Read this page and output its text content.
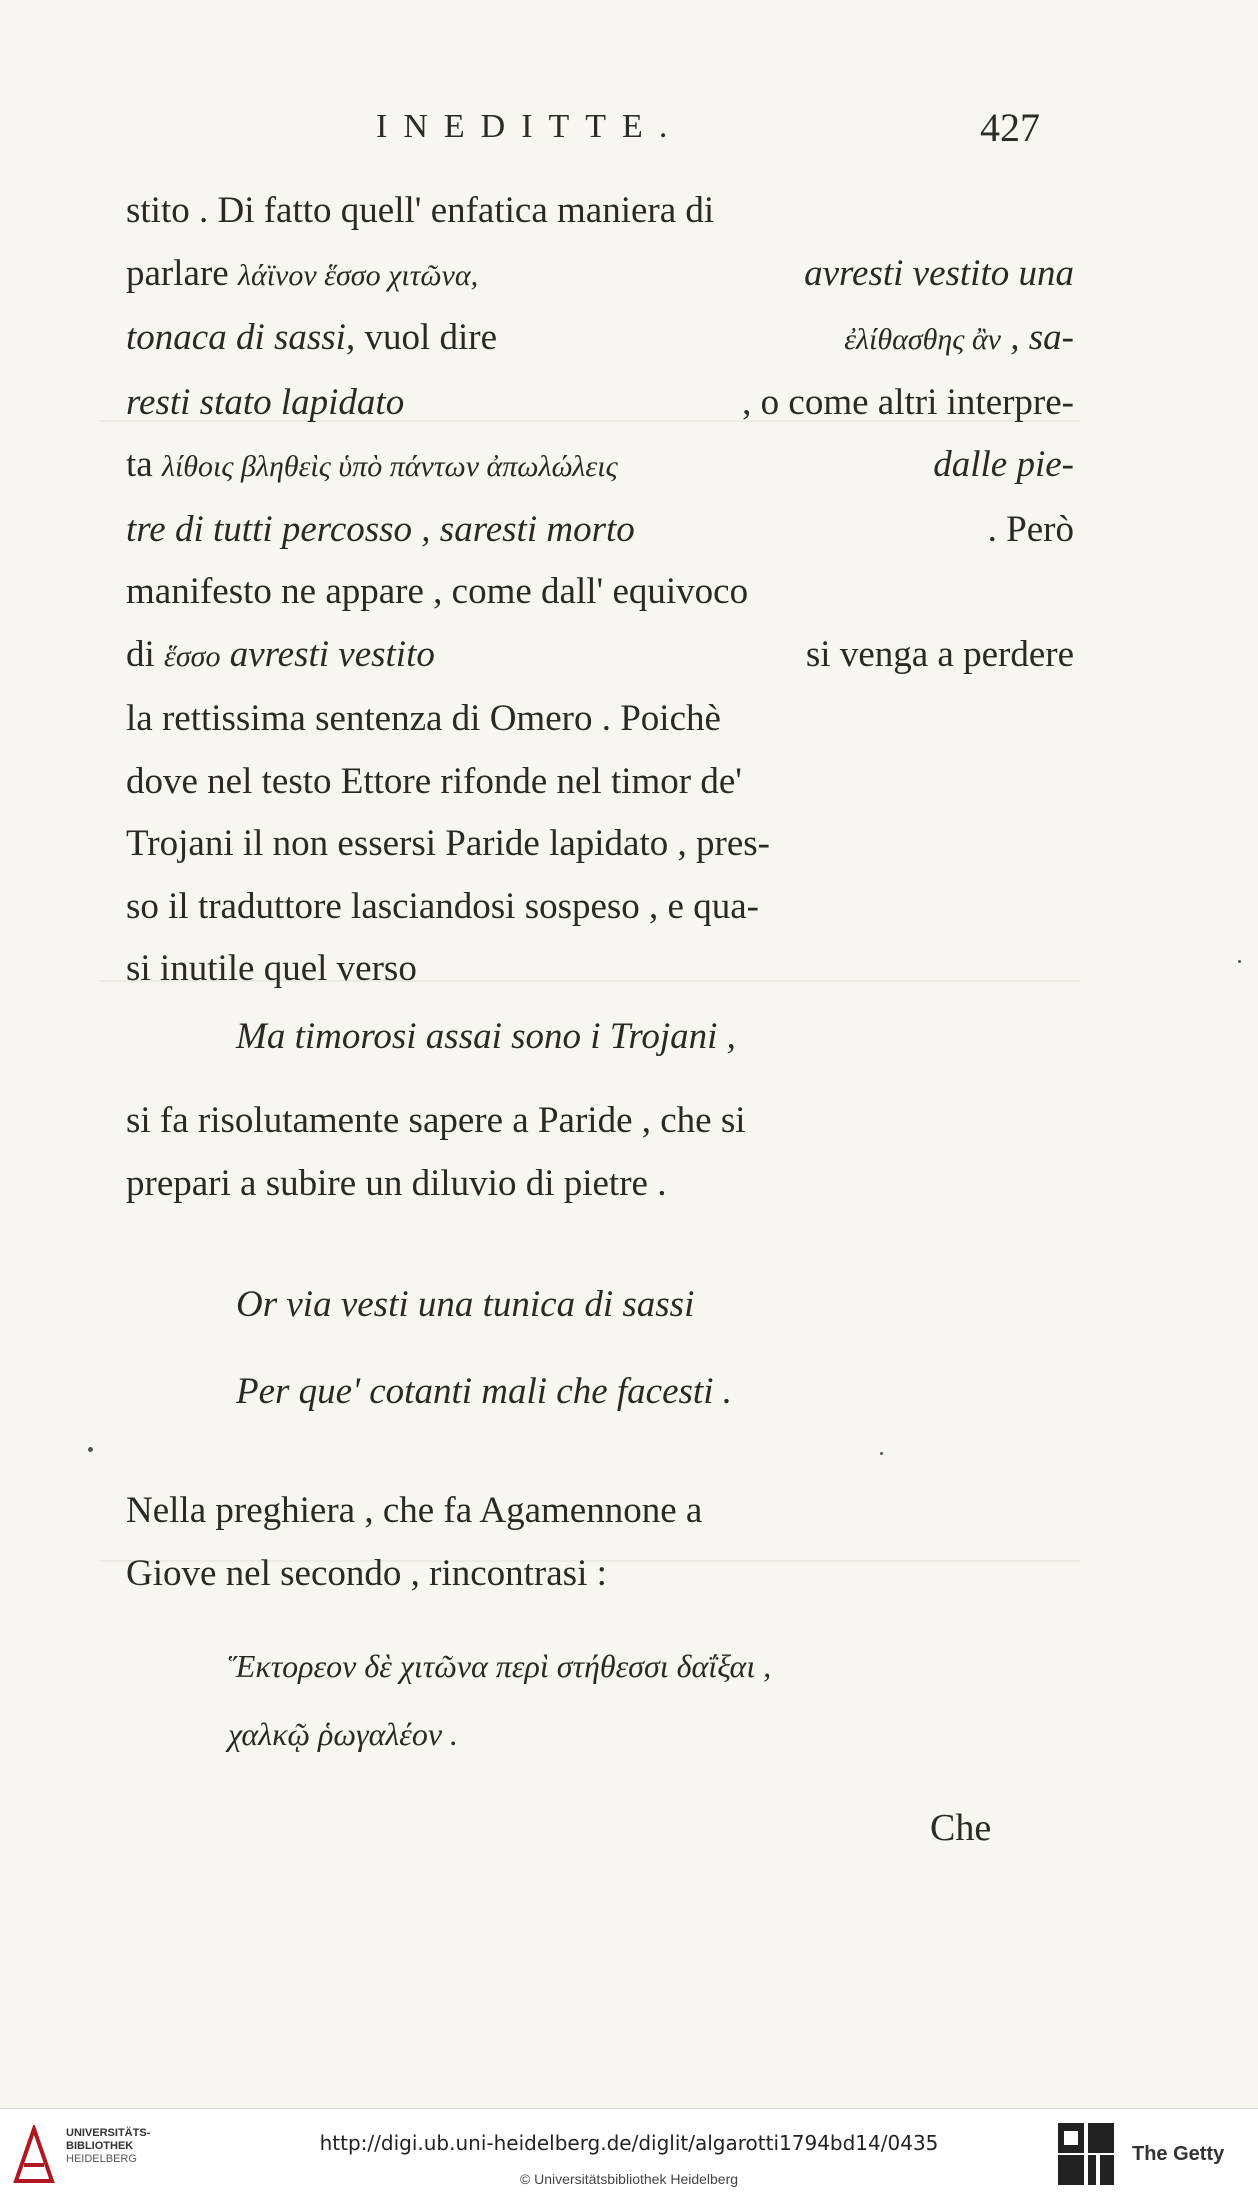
INEDITTE.	427
stito . Di fatto quell' enfatica maniera di
parlare λάϊνον ἕσσο χιτῶνα,	avresti vestito una
tonaca di sassi, vuol dire	ἐλίθασθης ἂν , sa-
resti stato lapidato	, o come altri interpre-
ta λίθοις βληθεὶς ὑπὸ πάντων ἀπωλώλεις	dalle pie-
tre di tutti percosso , saresti morto	. Però
manifesto ne appare , come dall' equivoco
di ἕσσο avresti vestito	si venga a perdere
la rettissima sentenza di Omero . Poichè
dove nel testo Ettore rifonde nel timor de'
Trojani il non essersi Paride lapidato , pres-
so il traduttore lasciandosi sospeso , e qua-
si inutile quel verso
Ma timorosi assai sono i Trojani ,
si fa risolutamente sapere a Paride , che si
prepari a subire un diluvio di pietre .
Or via vesti una tunica di sassi
Per que' cotanti mali che facesti .
Nella preghiera , che fa Agamennone a
Giove nel secondo , rincontrasi :
Ἕκτορεον δὲ χιτῶνα περὶ στήθεσσι δαΐξαι ,
χαλκῷ ῥωγαλέον .
Che
UNIVERSITÄTS-
BIBLIOTHEK
HEIDELBERG
http://digi.ub.uni-heidelberg.de/diglit/algarotti1794bd14/0435
© Universitätsbibliothek Heidelberg
The Getty
